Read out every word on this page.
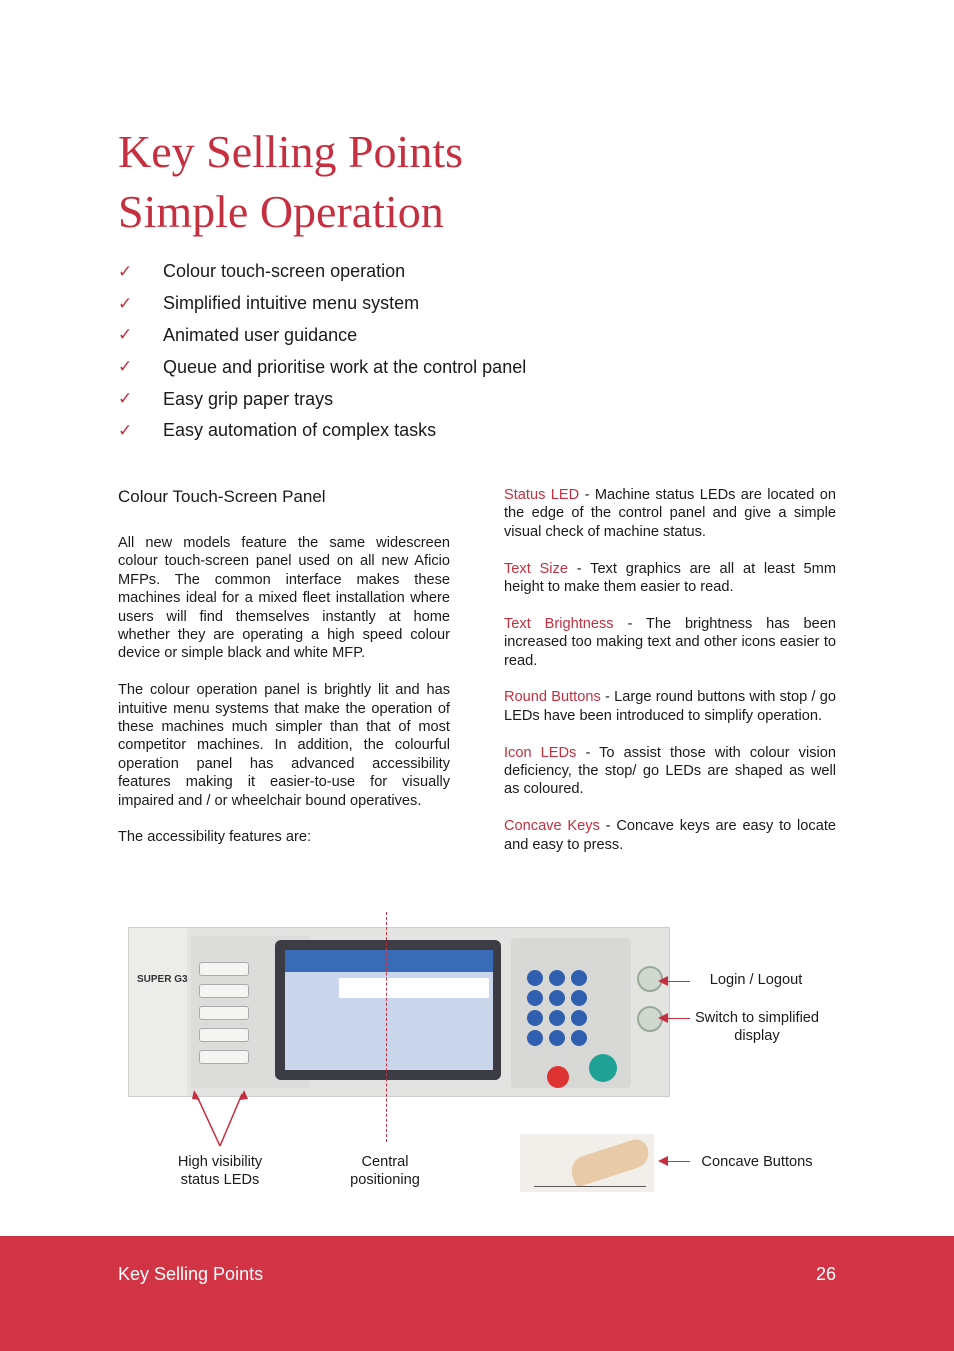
Key Selling Points
Simple Operation
✓	Colour touch-screen operation
✓	Simplified intuitive menu system
✓	Animated user guidance
✓	Queue and prioritise work at the control panel
✓	Easy grip paper trays
✓	Easy automation of complex tasks
Colour Touch-Screen Panel

All new models feature the same widescreen colour touch-screen panel used on all new Aficio MFPs. The common interface makes these machines ideal for a mixed fleet installation where users will find themselves instantly at home whether they are operating a high speed colour device or simple black and white MFP.

The colour operation panel is brightly lit and has intuitive menu systems that make the operation of these machines much simpler than that of most competitor machines. In addition, the colourful operation panel has advanced accessibility features making it easier-to-use for visually impaired and / or wheelchair bound operatives.

The accessibility features are:

Status LED - Machine status LEDs are located on the edge of the control panel and give a simple visual check of machine status.

Text Size - Text graphics are all at least 5mm height to make them easier to read.

Text Brightness - The brightness has been increased too making text and other icons easier to read.

Round Buttons - Large round buttons with stop / go LEDs have been introduced to simplify operation.

Icon LEDs - To assist those with colour vision deficiency, the stop/ go LEDs are shaped as well as coloured.

Concave Keys - Concave keys are easy to locate and easy to press.

SUPER G3	Login / Logout
Switch to simplified display
Concave Buttons
High visibility status LEDs
Central positioning
Key Selling Points	26
